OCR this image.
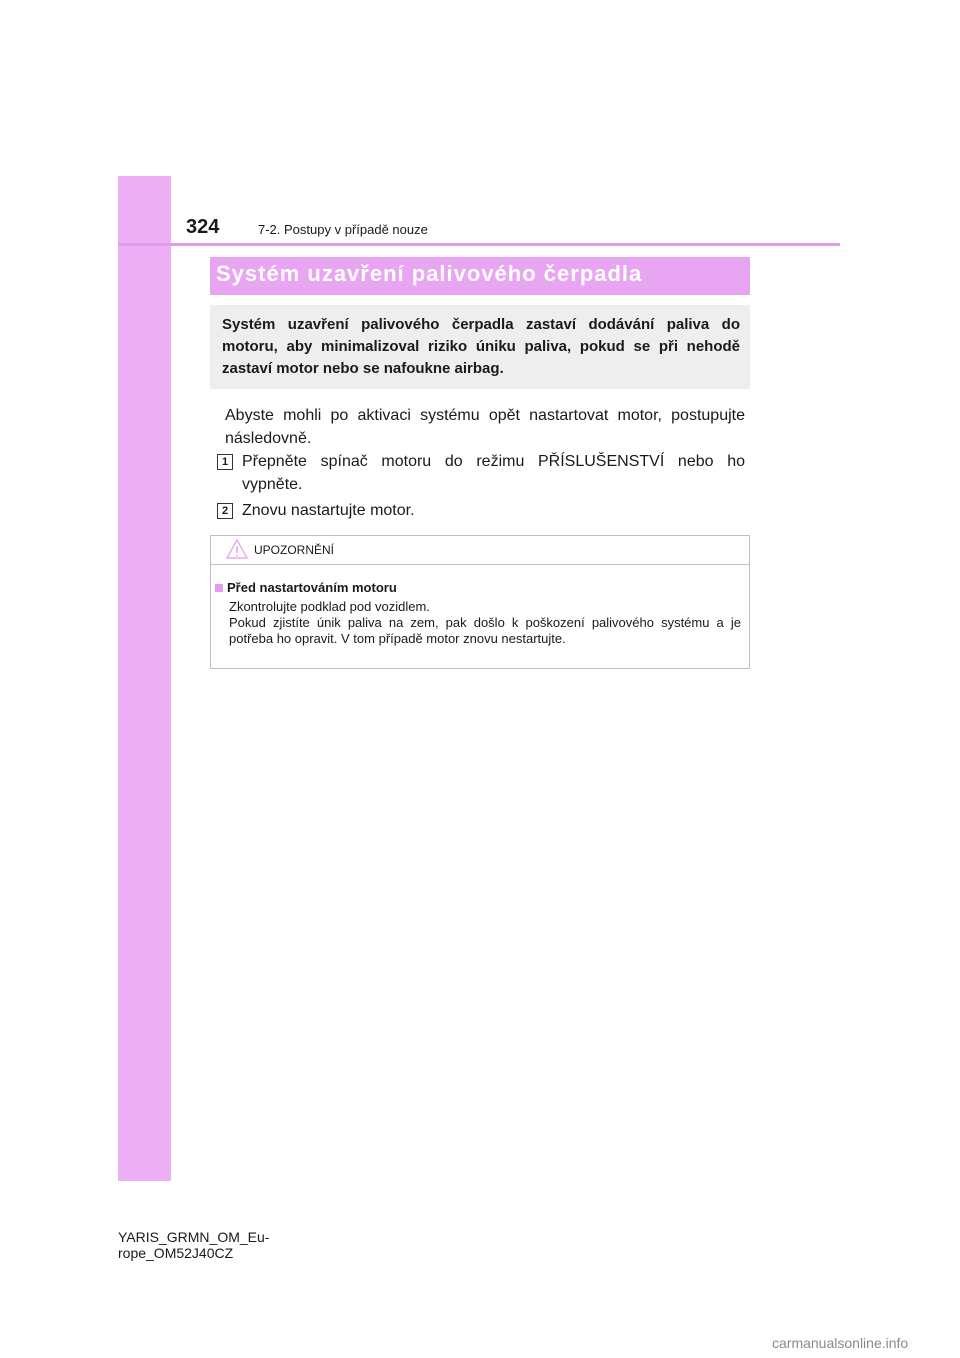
324	7-2. Postupy v případě nouze
Systém uzavření palivového čerpadla
Systém uzavření palivového čerpadla zastaví dodávání paliva do motoru, aby minimalizoval riziko úniku paliva, pokud se při nehodě zastaví motor nebo se nafoukne airbag.
Abyste mohli po aktivaci systému opět nastartovat motor, postupujte následovně.
1 Přepněte spínač motoru do režimu PŘÍSLUŠENSTVÍ nebo ho vypněte.
2 Znovu nastartujte motor.
UPOZORNĚNÍ
Před nastartováním motoru
Zkontrolujte podklad pod vozidlem.
Pokud zjistíte únik paliva na zem, pak došlo k poškození palivového systému a je potřeba ho opravit. V tom případě motor znovu nestartujte.
YARIS_GRMN_OM_Eu-
rope_OM52J40CZ
carmanualsonline.info
